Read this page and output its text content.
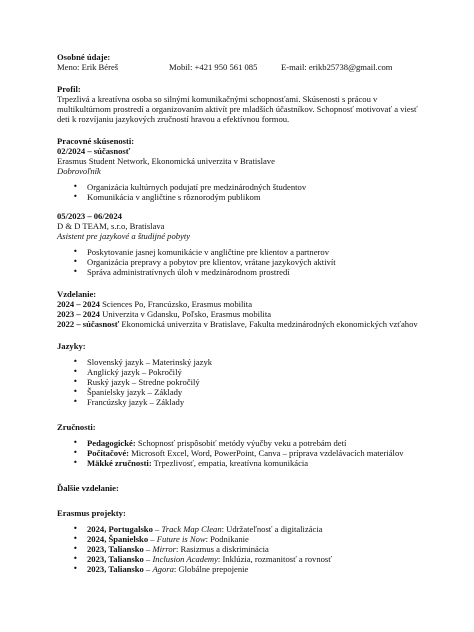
Osobné údaje:

Meno: Erik Béreš	Mobil: +421 950 561 085	E-mail: erikb25738@gmail.com

Profil:

Trpezlivá a kreatívna osoba so silnými komunikačnými schopnosťami. Skúsenosti s prácou v multikultúrnom prostredí a organizovaním aktivít pre mladších účastníkov. Schopnosť motivovať a viesť deti k rozvíjaniu jazykových zručností hravou a efektívnou formou.

Pracovné skúsenosti:

02/2024 – súčasnosť

Erasmus Student Network, Ekonomická univerzita v Bratislave

Dobrovoľník

• Organizácia kultúrnych podujatí pre medzinárodných študentov
• Komunikácia v angličtine s rôznorodým publikom

05/2023 – 06/2024

D & D TEAM, s.r.o, Bratislava

Asistent pre jazykové a študijné pobyty

• Poskytovanie jasnej komunikácie v angličtine pre klientov a partnerov
• Organizácia prepravy a pobytov pre klientov, vrátane jazykových aktivít
• Správa administratívnych úloh v medzinárodnom prostredí

Vzdelanie:

2024 – 2024 Sciences Po, Francúzsko, Erasmus mobilita

2023 – 2024 Univerzita v Gdansku, Poľsko, Erasmus mobilita

2022 – súčasnosť Ekonomická univerzita v Bratislave, Fakulta medzinárodných ekonomických vzťahov

Jazyky:

• Slovenský jazyk – Materinský jazyk
• Anglický jazyk – Pokročilý
• Ruský jazyk – Stredne pokročilý
• Španielsky jazyk – Základy
• Francúzsky jazyk – Základy

Zručnosti:

• Pedagogické: Schopnosť prispôsobiť metódy výučby veku a potrebám detí
• Počítačové: Microsoft Excel, Word, PowerPoint, Canva – príprava vzdelávacích materiálov
• Mäkké zručnosti: Trpezlivosť, empatia, kreatívna komunikácia

Ďalšie vzdelanie:

Erasmus projekty:

• 2024, Portugalsko – Track Map Clean: Udržateľnosť a digitalizácia
• 2024, Španielsko – Future is Now: Podnikanie
• 2023, Taliansko – Mirror: Rasizmus a diskriminácia
• 2023, Taliansko – Inclusion Academy: Inklúzia, rozmanitosť a rovnosť
• 2023, Taliansko – Agora: Globálne prepojenie
